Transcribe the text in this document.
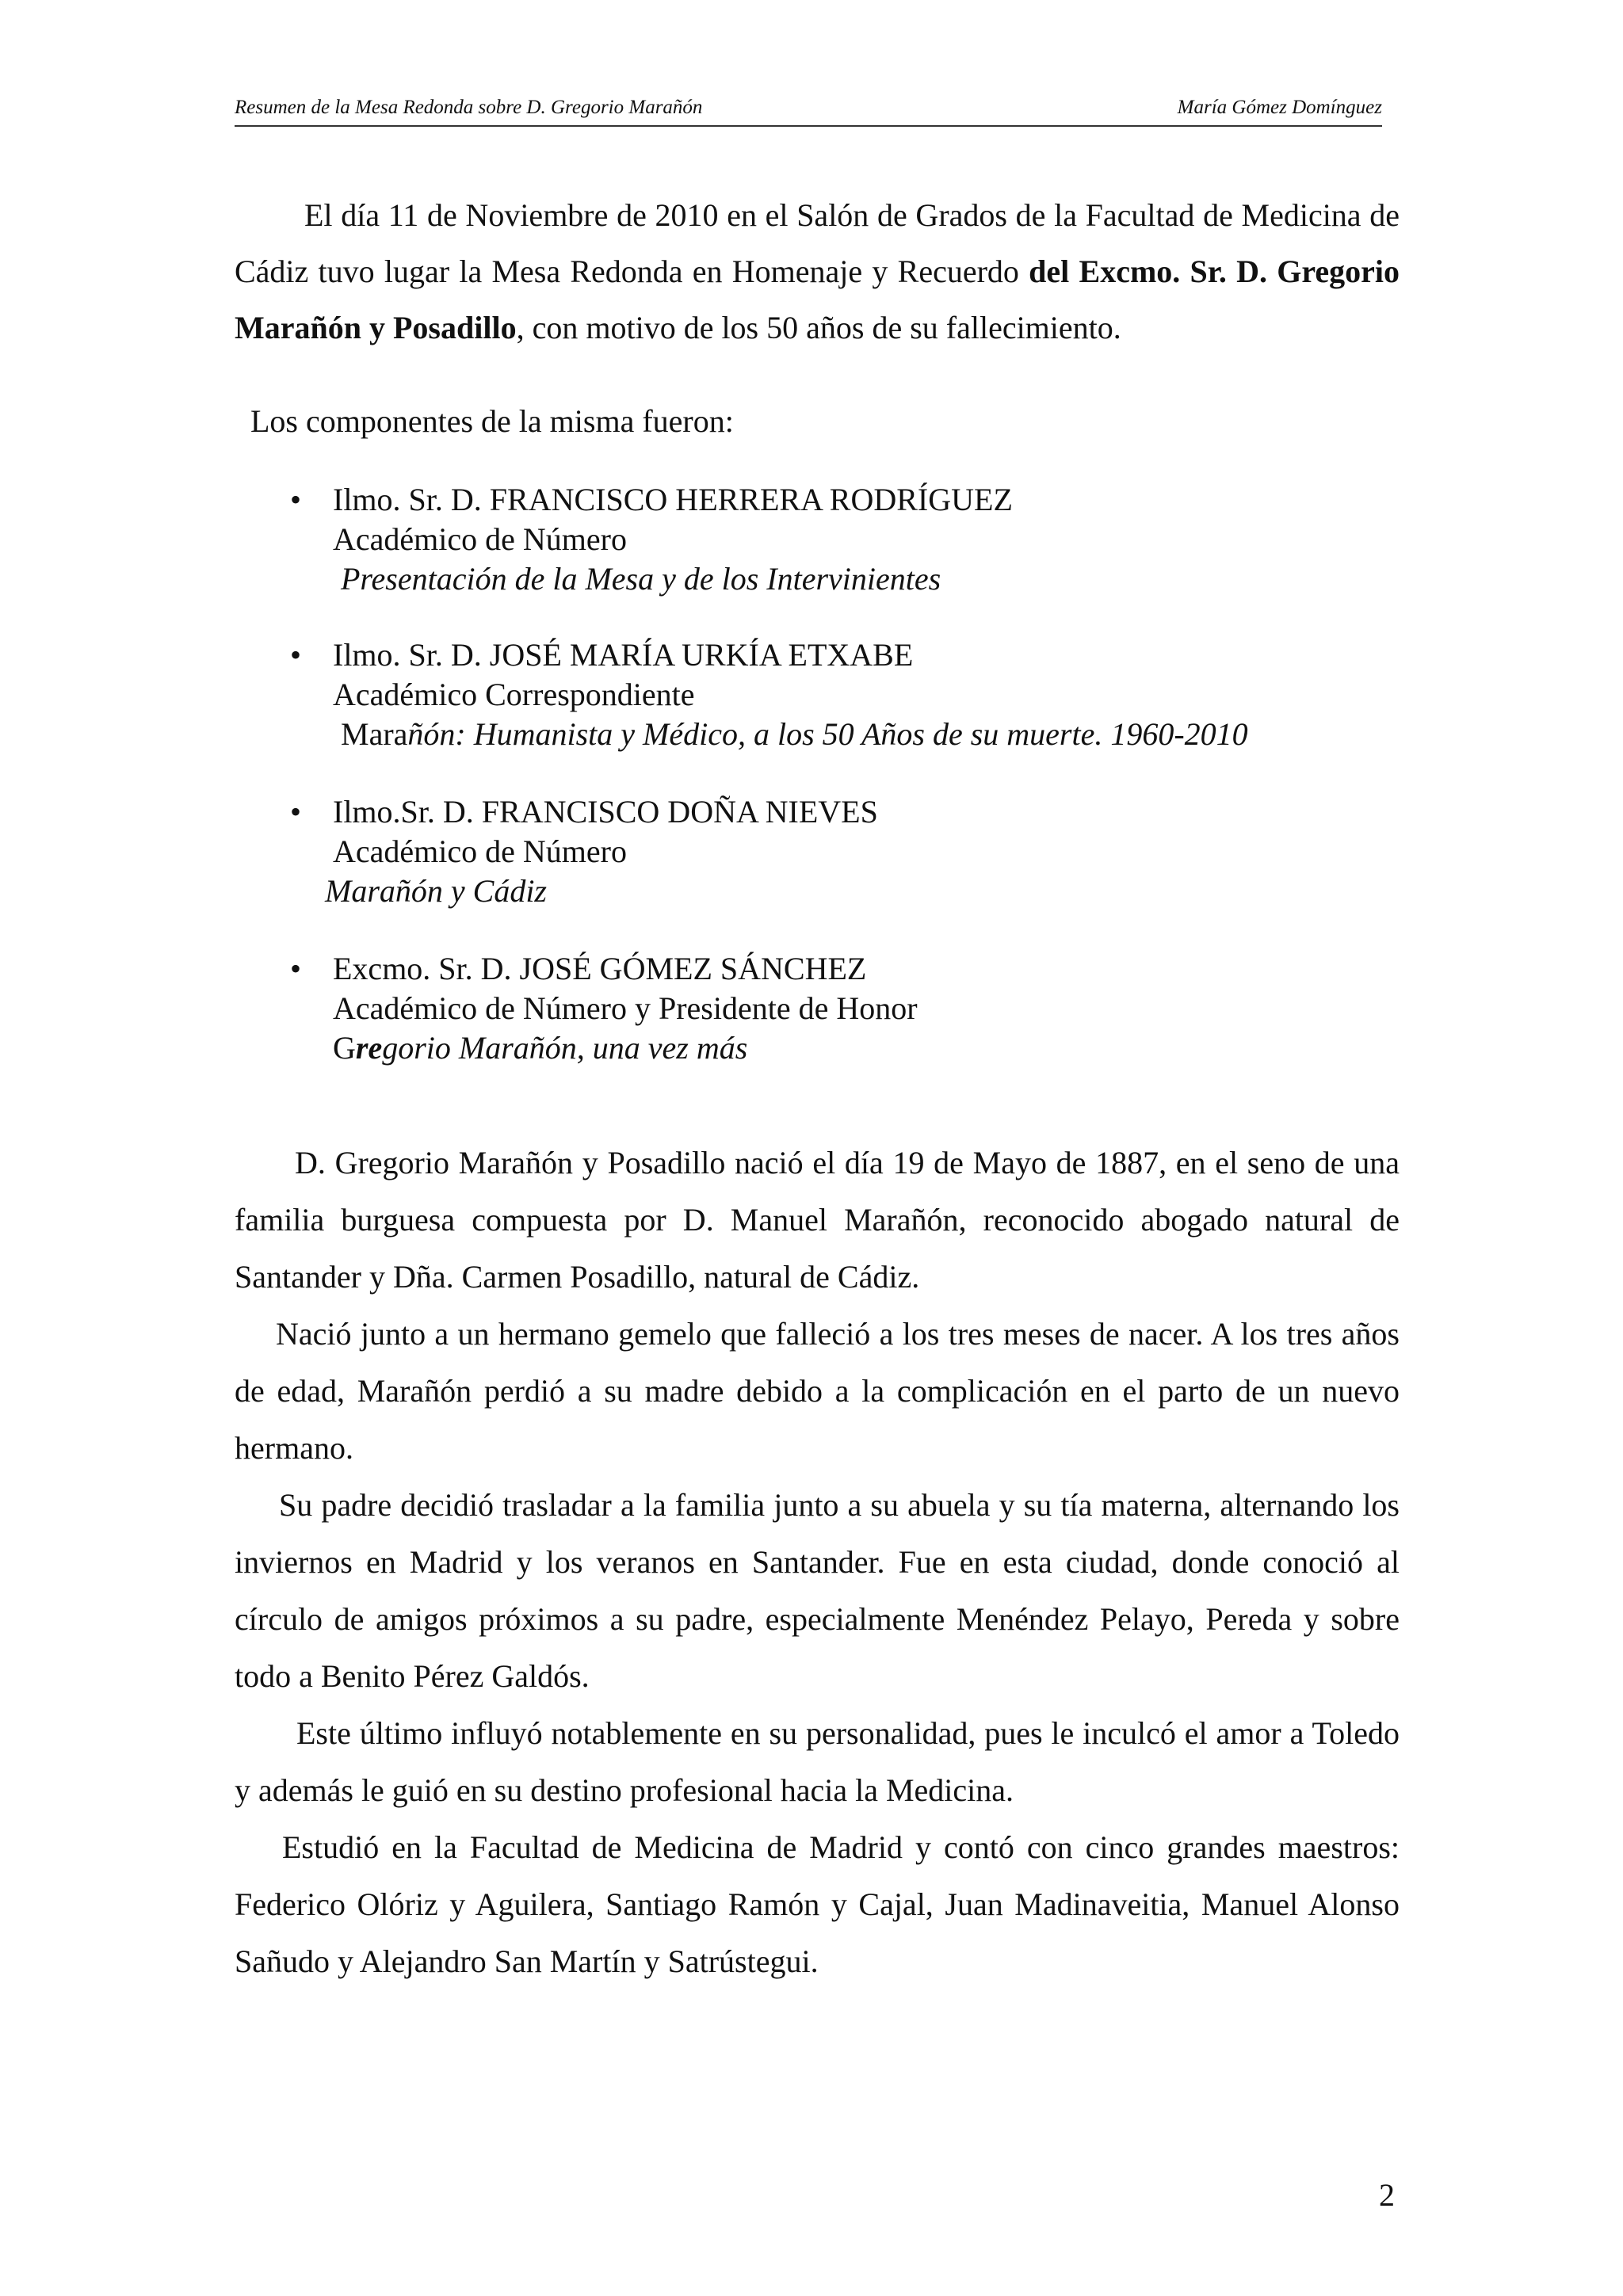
Resumen de la Mesa Redonda sobre D. Gregorio Marañón	María Gómez Domínguez
El día 11 de Noviembre de 2010 en el Salón de Grados de la Facultad de Medicina de Cádiz tuvo lugar la Mesa Redonda en Homenaje y Recuerdo del Excmo. Sr. D. Gregorio Marañón y Posadillo, con motivo de los 50 años de su fallecimiento.
Los componentes de la misma fueron:
• Ilmo. Sr. D. FRANCISCO HERRERA RODRÍGUEZ
Académico de Número
Presentación de la Mesa y de los Intervinientes
• Ilmo. Sr. D. JOSÉ MARÍA URKÍA ETXABE
Académico Correspondiente
Marañón: Humanista y Médico, a los 50 Años de su muerte. 1960-2010
• Ilmo.Sr. D. FRANCISCO DOÑA NIEVES
Académico de Número
Marañón y Cádiz
• Excmo. Sr. D. JOSÉ GÓMEZ SÁNCHEZ
Académico de Número y Presidente de Honor
Gregorio Marañón, una vez más

D. Gregorio Marañón y Posadillo nació el día 19 de Mayo de 1887, en el seno de una familia burguesa compuesta por D. Manuel Marañón, reconocido abogado natural de Santander y Dña. Carmen Posadillo, natural de Cádiz.

Nació junto a un hermano gemelo que falleció a los tres meses de nacer. A los tres años de edad, Marañón perdió a su madre debido a la complicación en el parto de un nuevo hermano.

Su padre decidió trasladar a la familia junto a su abuela y su tía materna, alternando los inviernos en Madrid y los veranos en Santander. Fue en esta ciudad, donde conoció al círculo de amigos próximos a su padre, especialmente Menéndez Pelayo, Pereda y sobre todo a Benito Pérez Galdós.

Este último influyó notablemente en su personalidad, pues le inculcó el amor a Toledo y además le guió en su destino profesional hacia la Medicina.

Estudió en la Facultad de Medicina de Madrid y contó con cinco grandes maestros: Federico Olóriz y Aguilera, Santiago Ramón y Cajal, Juan Madinaveitia, Manuel Alonso Sañudo y Alejandro San Martín y Satrústegui.

2
